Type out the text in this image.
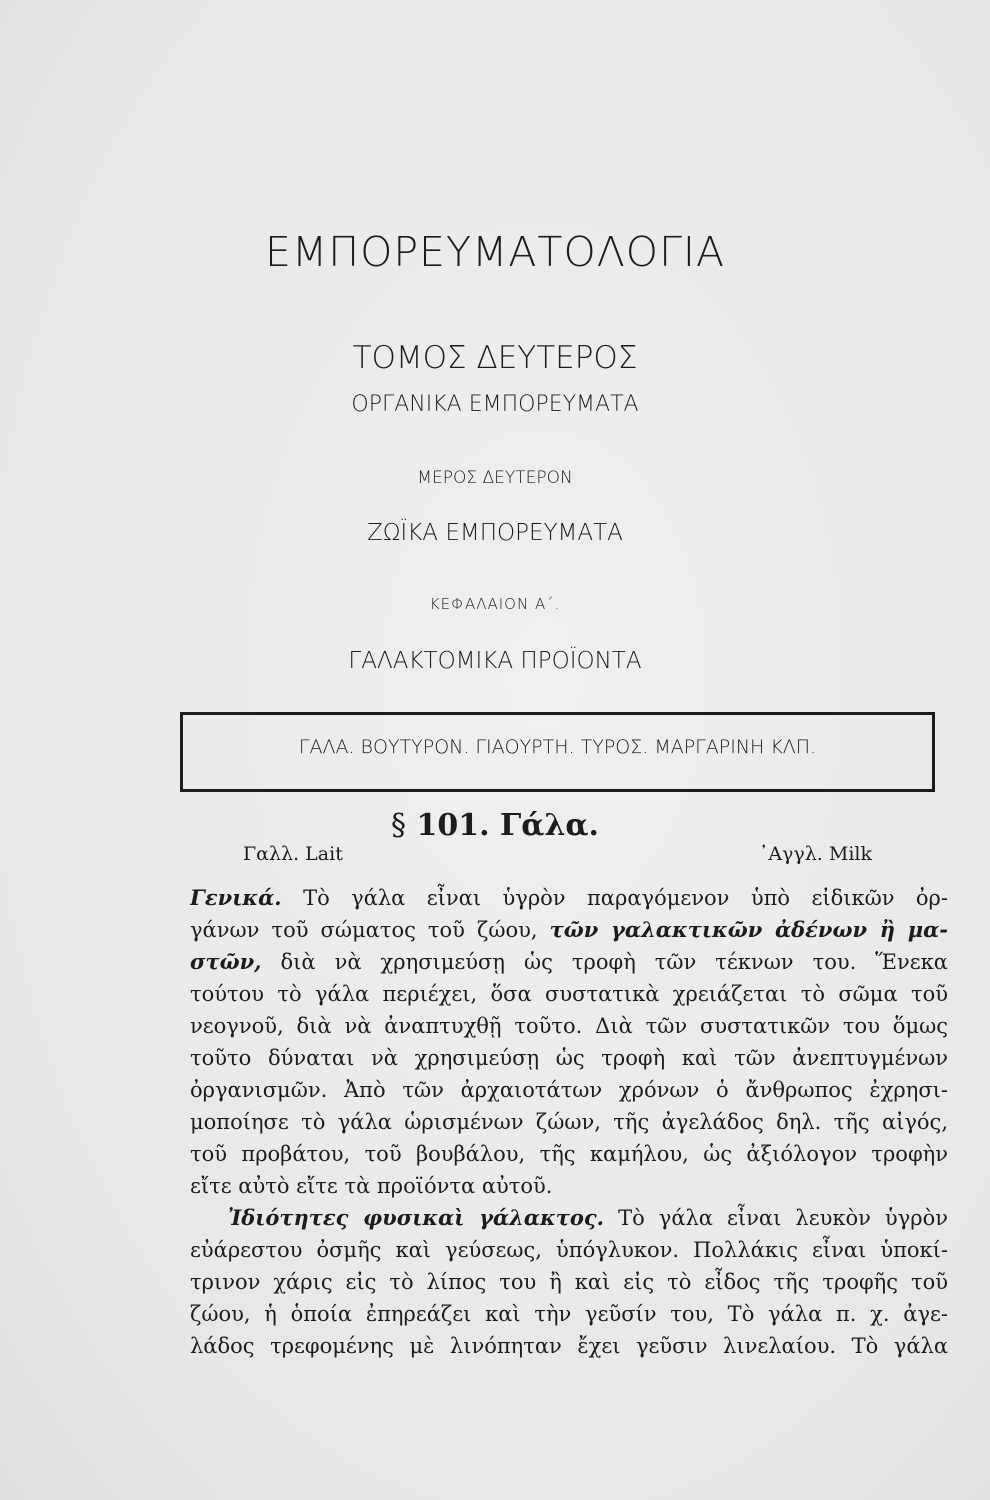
ΕΜΠΟΡΕΥΜΑΤΟΛΟΓΙΑ
ΤΟΜΟΣ ΔΕΥΤΕΡΟΣ
ΟΡΓΑΝΙΚΑ ΕΜΠΟΡΕΥΜΑΤΑ
ΜΕΡΟΣ ΔΕΥΤΕΡΟΝ
ΖΩΪΚΑ ΕΜΠΟΡΕΥΜΑΤΑ
ΚΕΦΑΛΑΙΟΝ Α΄.
ΓΑΛΑΚΤΟΜΙΚΑ ΠΡΟΪΟΝΤΑ
ΓΑΛΑ. ΒΟΥΤΥΡΟΝ. ΓΙΑΟΥΡΤΗ. ΤΥΡΟΣ. ΜΑΡΓΑΡΙΝΗ ΚΛΠ.
§ 101. Γάλα.
Γαλλ. Lait	᾿Αγγλ. Milk
Γενικά. Τὸ γάλα εἶναι ὑγρὸν παραγόμενον ὑπὸ εἰδικῶν ὀρ-
γάνων τοῦ σώματος τοῦ ζώου, τῶν γαλακτικῶν ἀδένων ἢ μα-
στῶν, διὰ νὰ χρησιμεύσῃ ὡς τροφὴ τῶν τέκνων του. Ἕνεκα
τούτου τὸ γάλα περιέχει, ὅσα συστατικὰ χρειάζεται τὸ σῶμα τοῦ
νεογνοῦ, διὰ νὰ ἀναπτυχθῇ τοῦτο. Διὰ τῶν συστατικῶν του ὅμως
τοῦτο δύναται νὰ χρησιμεύσῃ ὡς τροφὴ καὶ τῶν ἀνεπτυγμένων
ὀργανισμῶν. Ἀπὸ τῶν ἀρχαιοτάτων χρόνων ὁ ἄνθρωπος ἐχρησι-
μοποίησε τὸ γάλα ὡρισμένων ζώων, τῆς ἀγελάδος δηλ. τῆς αἰγός,
τοῦ προβάτου, τοῦ βουβάλου, τῆς καμήλου, ὡς ἀξιόλογον τροφὴν
εἴτε αὐτὸ εἴτε τὰ προϊόντα αὐτοῦ.
Ἰδιότητες φυσικαὶ γάλακτος. Τὸ γάλα εἶναι λευκὸν ὑγρὸν
εὐάρεστου ὀσμῆς καὶ γεύσεως, ὑπόγλυκον. Πολλάκις εἶναι ὑποκί-
τρινον χάρις εἰς τὸ λίπος του ἢ καὶ εἰς τὸ εἶδος τῆς τροφῆς τοῦ
ζώου, ἡ ὁποία ἐπηρεάζει καὶ τὴν γεῦσίν του, Τὸ γάλα π. χ. ἀγε-
λάδος τρεφομένης μὲ λινόπηταν ἔχει γεῦσιν λινελαίου. Τὸ γάλα
